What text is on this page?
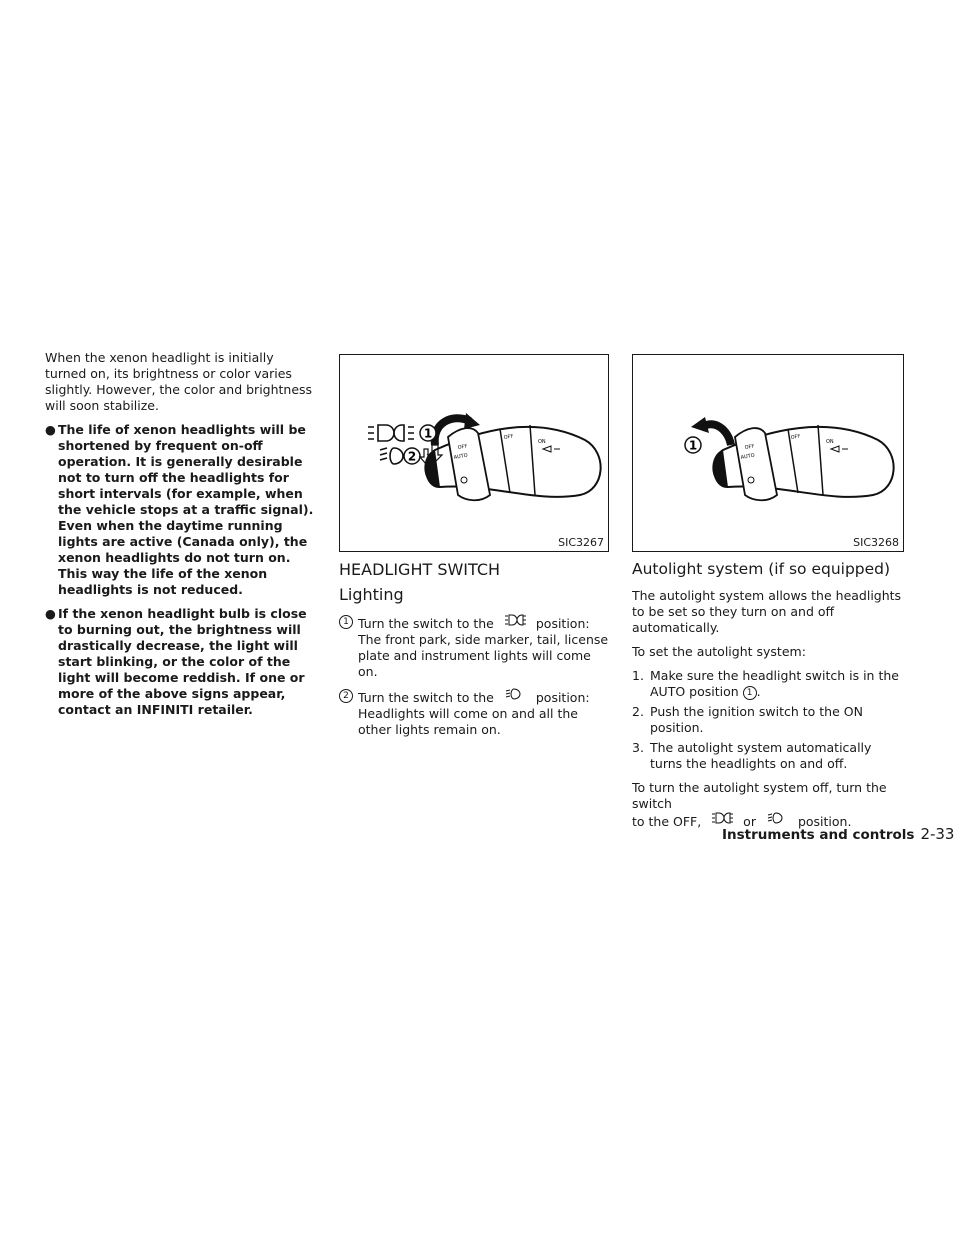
When the xenon headlight is initially turned on, its brightness or color varies slightly. However, the color and brightness will soon stabilize.

● The life of xenon headlights will be shortened by frequent on-off operation. It is generally desirable not to turn off the headlights for short intervals (for example, when the vehicle stops at a traffic signal). Even when the daytime running lights are active (Canada only), the xenon headlights do not turn on. This way the life of the xenon headlights is not reduced.
● If the xenon headlight bulb is close to burning out, the brightness will drastically decrease, the light will start blinking, or the color of the light will become reddish. If one or more of the above signs appear, contact an INFINITI retailer.
OFF
AUTO
OFF
ON
1
2
SIC3267
HEADLIGHT SWITCH
Lighting
1 Turn the switch to the	position:
The front park, side marker, tail, license plate and instrument lights will come on.
2 Turn the switch to the	position:
Headlights will come on and all the other lights remain on.
OFF
AUTO
OFF
ON
1
SIC3268
Autolight system (if so equipped)

The autolight system allows the headlights to be set so they turn on and off automatically.

To set the autolight system:

1. Make sure the headlight switch is in the AUTO position 1 .
2. Push the ignition switch to the ON position.
3. The autolight system automatically turns the headlights on and off.

To turn the autolight system off, turn the switch
to the OFF,	or	position.

Instruments and controls 2-33
